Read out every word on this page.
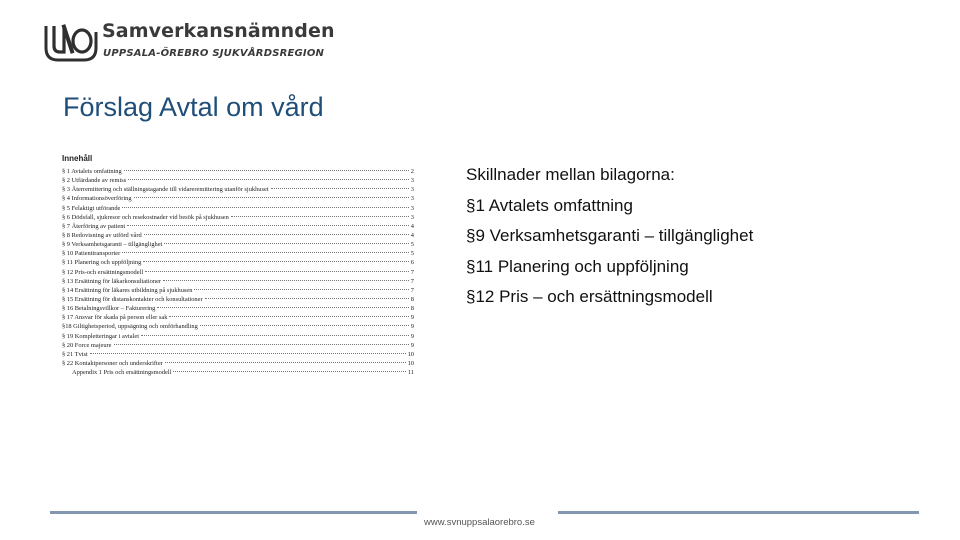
Samverkansnämnden
UPPSALA-ÖREBRO SJUKVÅRDSREGION
Förslag Avtal om vård
Innehåll
§ 1 Avtalets omfattning	2
§ 2 Utfärdande av remiss	3
§ 3 Återremittering och ställningstagande till vidareremittering utanför sjukhuset	3
§ 4 Informationsöverföring	3
§ 5 Felaktigt utförande	3
§ 6 Dödsfall, sjukresor och resekostnader vid besök på sjukhusen	3
§ 7 Återföring av patient	4
§ 8 Redovisning av utförd vård	4
§ 9 Verksamhetsgaranti – tillgänglighet	5
§ 10 Patienttransporter	5
§ 11 Planering och uppföljning	6
§ 12 Pris-och ersättningsmodell	7
§ 13 Ersättning för läkarkonsultationer	7
§ 14 Ersättning för läkares utbildning på sjukhusen	7
§ 15 Ersättning för distanskontakter och konsultationer	8
§ 16 Betalningsvillkor – Fakturering	8
§ 17 Ansvar för skada på person eller sak	9
§18 Giltighetsperiod, uppsägning och omförhandling	9
§ 19 Kompletteringar i avtalet	9
§ 20 Force majeure	9
§ 21 Tvist	10
§ 22 Kontaktpersoner och underskrifter	10
Appendix 1 Pris och ersättningsmodell	11
Skillnader mellan bilagorna:
§1 Avtalets omfattning
§9 Verksamhetsgaranti – tillgänglighet
§11 Planering och uppföljning
§12 Pris – och ersättningsmodell
www.svnuppsalaorebro.se
